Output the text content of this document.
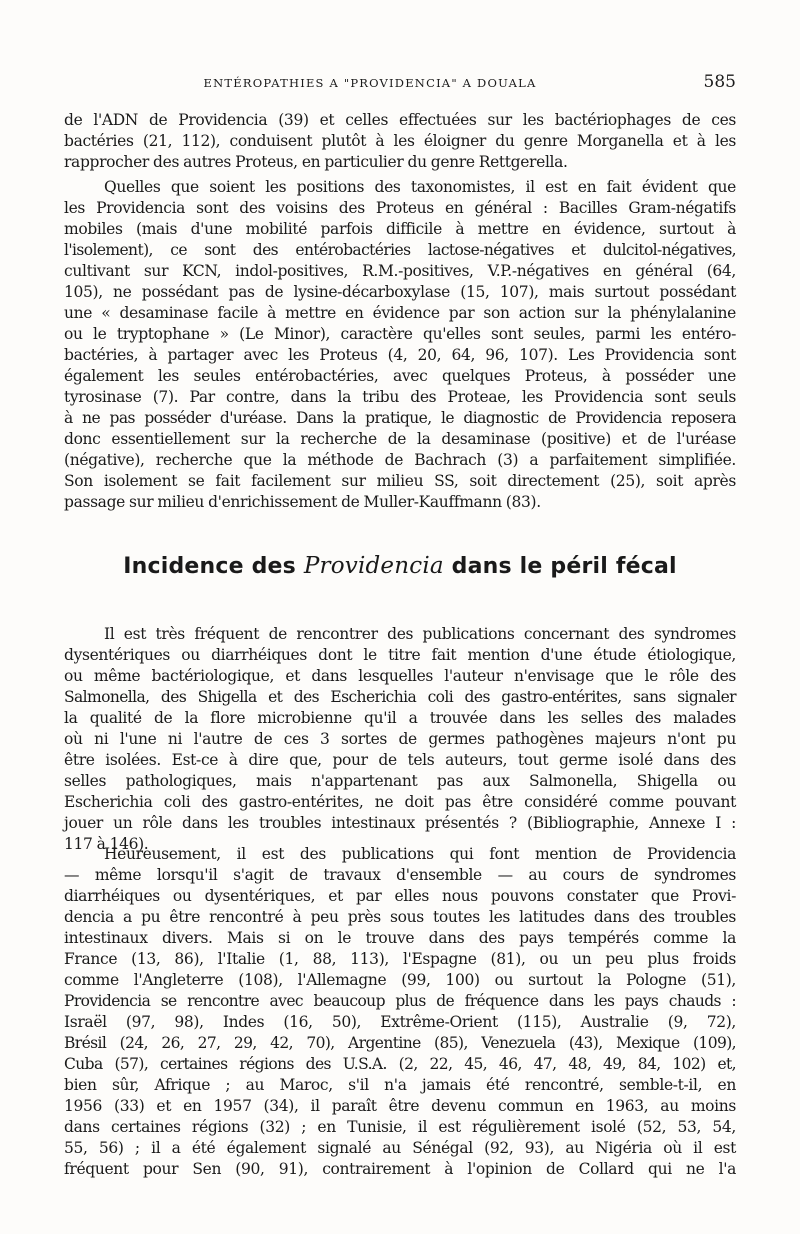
ENTÉROPATHIES A "PROVIDENCIA" A DOUALA	585
de l'ADN de Providencia (39) et celles effectuées sur les bactériophages de ces
bactéries (21, 112), conduisent plutôt à les éloigner du genre Morganella et à les
rapprocher des autres Proteus, en particulier du genre Rettgerella.
Quelles que soient les positions des taxonomistes, il est en fait évident que
les Providencia sont des voisins des Proteus en général : Bacilles Gram-négatifs
mobiles (mais d'une mobilité parfois difficile à mettre en évidence, surtout à
l'isolement), ce sont des entérobactéries lactose-négatives et dulcitol-négatives,
cultivant sur KCN, indol-positives, R.M.-positives, V.P.-négatives en général (64,
105), ne possédant pas de lysine-décarboxylase (15, 107), mais surtout possédant
une « desaminase facile à mettre en évidence par son action sur la phénylalanine
ou le tryptophane » (Le Minor), caractère qu'elles sont seules, parmi les entéro-
bactéries, à partager avec les Proteus (4, 20, 64, 96, 107). Les Providencia sont
également les seules entérobactéries, avec quelques Proteus, à posséder une
tyrosinase (7). Par contre, dans la tribu des Proteae, les Providencia sont seuls
à ne pas posséder d'uréase. Dans la pratique, le diagnostic de Providencia reposera
donc essentiellement sur la recherche de la desaminase (positive) et de l'uréase
(négative), recherche que la méthode de Bachrach (3) a parfaitement simplifiée.
Son isolement se fait facilement sur milieu SS, soit directement (25), soit après
passage sur milieu d'enrichissement de Muller-Kauffmann (83).
Incidence des Providencia dans le péril fécal
Il est très fréquent de rencontrer des publications concernant des syndromes
dysentériques ou diarrhéiques dont le titre fait mention d'une étude étiologique,
ou même bactériologique, et dans lesquelles l'auteur n'envisage que le rôle des
Salmonella, des Shigella et des Escherichia coli des gastro-entérites, sans signaler
la qualité de la flore microbienne qu'il a trouvée dans les selles des malades
où ni l'une ni l'autre de ces 3 sortes de germes pathogènes majeurs n'ont pu
être isolées. Est-ce à dire que, pour de tels auteurs, tout germe isolé dans des
selles pathologiques, mais n'appartenant pas aux Salmonella, Shigella ou
Escherichia coli des gastro-entérites, ne doit pas être considéré comme pouvant
jouer un rôle dans les troubles intestinaux présentés ? (Bibliographie, Annexe I :
117 à 146).
Heureusement, il est des publications qui font mention de Providencia
— même lorsqu'il s'agit de travaux d'ensemble — au cours de syndromes
diarrhéiques ou dysentériques, et par elles nous pouvons constater que Provi-
dencia a pu être rencontré à peu près sous toutes les latitudes dans des troubles
intestinaux divers. Mais si on le trouve dans des pays tempérés comme la
France (13, 86), l'Italie (1, 88, 113), l'Espagne (81), ou un peu plus froids
comme l'Angleterre (108), l'Allemagne (99, 100) ou surtout la Pologne (51),
Providencia se rencontre avec beaucoup plus de fréquence dans les pays chauds :
Israël (97, 98), Indes (16, 50), Extrême-Orient (115), Australie (9, 72),
Brésil (24, 26, 27, 29, 42, 70), Argentine (85), Venezuela (43), Mexique (109),
Cuba (57), certaines régions des U.S.A. (2, 22, 45, 46, 47, 48, 49, 84, 102) et,
bien sûr, Afrique ; au Maroc, s'il n'a jamais été rencontré, semble-t-il, en
1956 (33) et en 1957 (34), il paraît être devenu commun en 1963, au moins
dans certaines régions (32) ; en Tunisie, il est régulièrement isolé (52, 53, 54,
55, 56) ; il a été également signalé au Sénégal (92, 93), au Nigéria où il est
fréquent pour Sen (90, 91), contrairement à l'opinion de Collard qui ne l'a
